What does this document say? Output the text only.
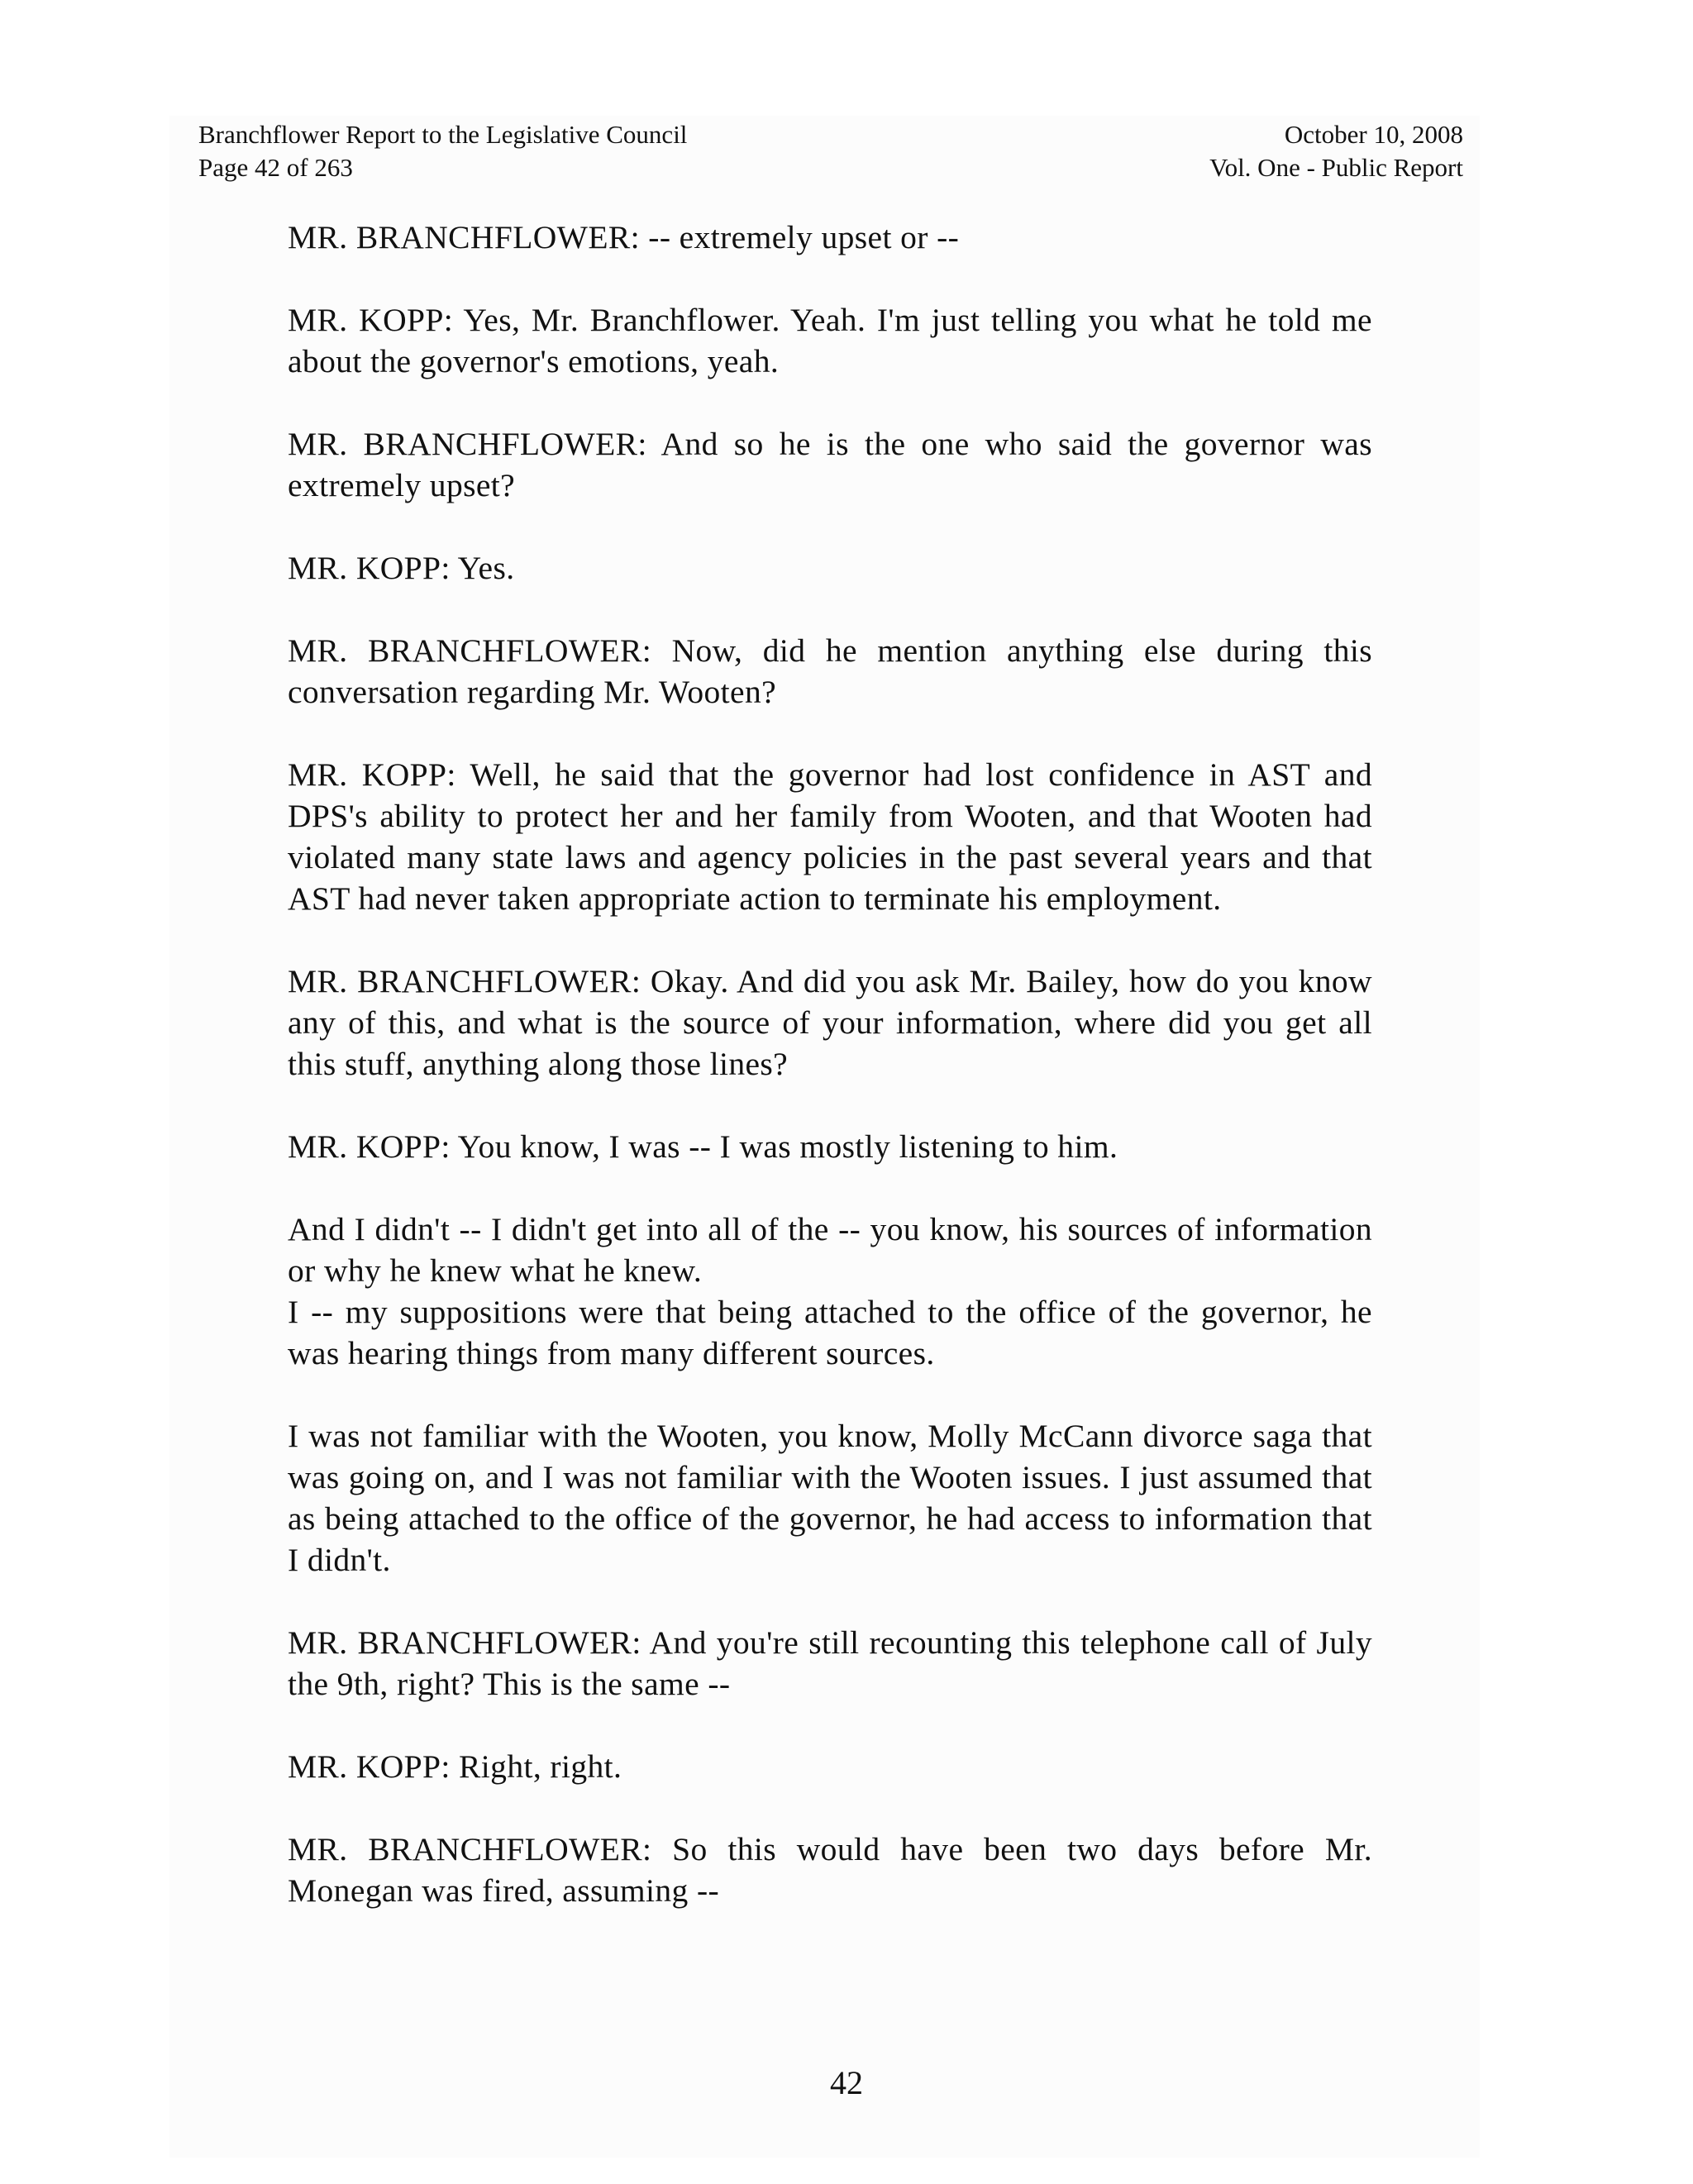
Branchflower Report to the Legislative Council
Page 42 of 263
October 10, 2008
Vol. One - Public Report

MR. BRANCHFLOWER: -- extremely upset or --

MR. KOPP: Yes, Mr. Branchflower. Yeah. I'm just telling you what he told me about the governor's emotions, yeah.

MR. BRANCHFLOWER: And so he is the one who said the governor was extremely upset?

MR. KOPP: Yes.

MR. BRANCHFLOWER: Now, did he mention anything else during this conversation regarding Mr. Wooten?

MR. KOPP: Well, he said that the governor had lost confidence in AST and DPS's ability to protect her and her family from Wooten, and that Wooten had violated many state laws and agency policies in the past several years and that AST had never taken appropriate action to terminate his employment.

MR. BRANCHFLOWER: Okay. And did you ask Mr. Bailey, how do you know any of this, and what is the source of your information, where did you get all this stuff, anything along those lines?

MR. KOPP: You know, I was -- I was mostly listening to him.

And I didn't -- I didn't get into all of the -- you know, his sources of information or why he knew what he knew.

I -- my suppositions were that being attached to the office of the governor, he was hearing things from many different sources.

I was not familiar with the Wooten, you know, Molly McCann divorce saga that was going on, and I was not familiar with the Wooten issues. I just assumed that as being attached to the office of the governor, he had access to information that I didn't.

MR. BRANCHFLOWER: And you're still recounting this telephone call of July the 9th, right? This is the same --

MR. KOPP: Right, right.

MR. BRANCHFLOWER: So this would have been two days before Mr. Monegan was fired, assuming --

42
